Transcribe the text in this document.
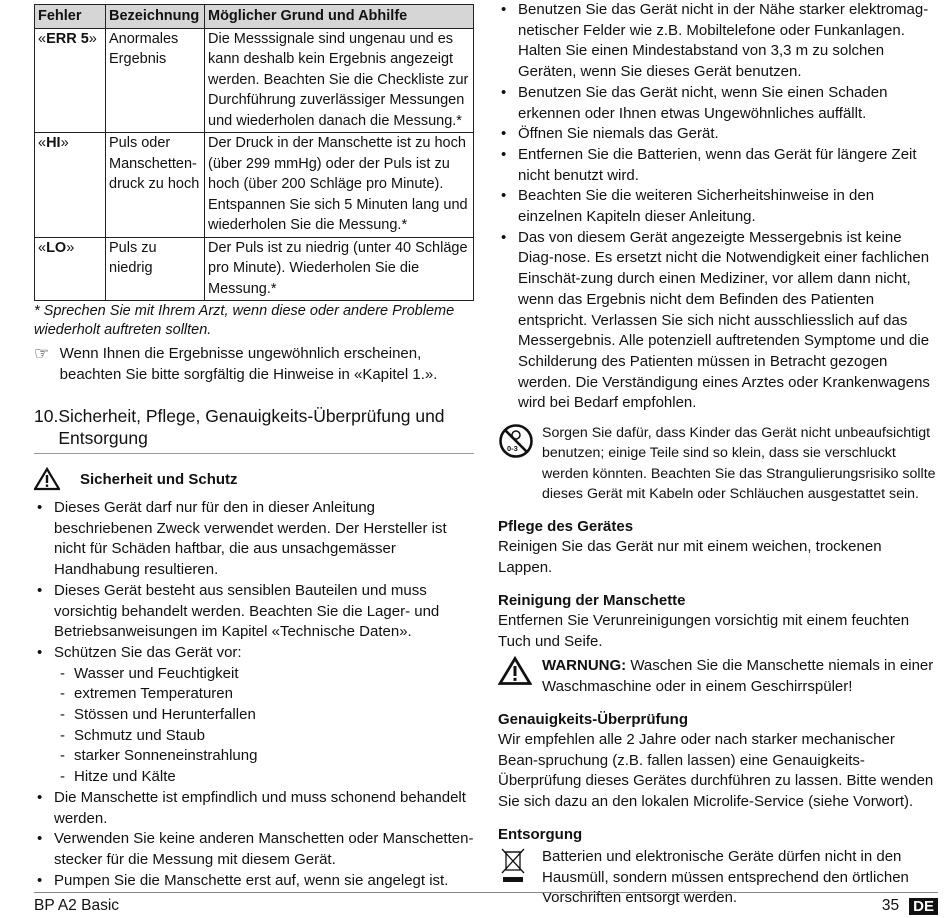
Fehler	Bezeichnung	Möglicher Grund und Abhilfe
«ERR 5»	Anormales Ergebnis	Die Messsignale sind ungenau und es kann deshalb kein Ergebnis angezeigt werden. Beachten Sie die Checkliste zur Durchführung zuverlässiger Messungen und wiederholen danach die Messung.*
«HI»	Puls oder Manschetten-druck zu hoch	Der Druck in der Manschette ist zu hoch (über 299 mmHg) oder der Puls ist zu hoch (über 200 Schläge pro Minute). Entspannen Sie sich 5 Minuten lang und wiederholen Sie die Messung.*
«LO»	Puls zu niedrig	Der Puls ist zu niedrig (unter 40 Schläge pro Minute). Wiederholen Sie die Messung.*
* Sprechen Sie mit Ihrem Arzt, wenn diese oder andere Probleme wiederholt auftreten sollten.
☞ Wenn Ihnen die Ergebnisse ungewöhnlich erscheinen, beachten Sie bitte sorgfältig die Hinweise in «Kapitel 1.».
10. Sicherheit, Pflege, Genauigkeits-Überprüfung und Entsorgung
Sicherheit und Schutz
• Dieses Gerät darf nur für den in dieser Anleitung beschriebenen Zweck verwendet werden. Der Hersteller ist nicht für Schäden haftbar, die aus unsachgemässer Handhabung resultieren.
• Dieses Gerät besteht aus sensiblen Bauteilen und muss vorsichtig behandelt werden. Beachten Sie die Lager- und Betriebsanweisungen im Kapitel «Technische Daten».
• Schützen Sie das Gerät vor:
- Wasser und Feuchtigkeit
- extremen Temperaturen
- Stössen und Herunterfallen
- Schmutz und Staub
- starker Sonneneinstrahlung
- Hitze und Kälte
• Die Manschette ist empfindlich und muss schonend behandelt werden.
• Verwenden Sie keine anderen Manschetten oder Manschetten-stecker für die Messung mit diesem Gerät.
• Pumpen Sie die Manschette erst auf, wenn sie angelegt ist.
• Benutzen Sie das Gerät nicht in der Nähe starker elektromag-netischer Felder wie z.B. Mobiltelefone oder Funkanlagen. Halten Sie einen Mindestabstand von 3,3 m zu solchen Geräten, wenn Sie dieses Gerät benutzen.
• Benutzen Sie das Gerät nicht, wenn Sie einen Schaden erkennen oder Ihnen etwas Ungewöhnliches auffällt.
• Öffnen Sie niemals das Gerät.
• Entfernen Sie die Batterien, wenn das Gerät für längere Zeit nicht benutzt wird.
• Beachten Sie die weiteren Sicherheitshinweise in den einzelnen Kapiteln dieser Anleitung.
• Das von diesem Gerät angezeigte Messergebnis ist keine Diag-nose. Es ersetzt nicht die Notwendigkeit einer fachlichen Einschät-zung durch einen Mediziner, vor allem dann nicht, wenn das Ergebnis nicht dem Befinden des Patienten entspricht. Verlassen Sie sich nicht ausschliesslich auf das Messergebnis. Alle potenziell auftretenden Symptome und die Schilderung des Patienten müssen in Betracht gezogen werden. Die Verständigung eines Arztes oder Krankenwagens wird bei Bedarf empfohlen.
0-3
Sorgen Sie dafür, dass Kinder das Gerät nicht unbeaufsichtigt benutzen; einige Teile sind so klein, dass sie verschluckt werden könnten. Beachten Sie das Strangulierungsrisiko sollte dieses Gerät mit Kabeln oder Schläuchen ausgestattet sein.
Pflege des Gerätes

Reinigen Sie das Gerät nur mit einem weichen, trockenen Lappen.

Reinigung der Manschette

Entfernen Sie Verunreinigungen vorsichtig mit einem feuchten Tuch und Seife.

WARNUNG: Waschen Sie die Manschette niemals in einer Waschmaschine oder in einem Geschirrspüler!
Genauigkeits-Überprüfung

Wir empfehlen alle 2 Jahre oder nach starker mechanischer Bean-spruchung (z.B. fallen lassen) eine Genauigkeits-Überprüfung dieses Gerätes durchführen zu lassen. Bitte wenden Sie sich dazu an den lokalen Microlife-Service (siehe Vorwort).

Entsorgung
Batterien und elektronische Geräte dürfen nicht in den Hausmüll, sondern müssen entsprechend den örtlichen Vorschriften entsorgt werden.
BP A2 Basic	35 DE
